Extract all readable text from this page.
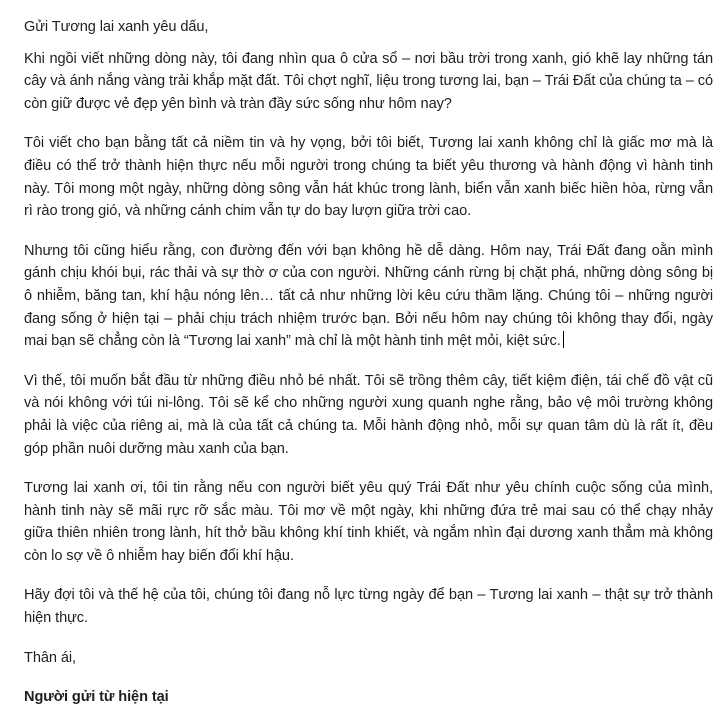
Gửi Tương lai xanh yêu dấu,

Khi ngồi viết những dòng này, tôi đang nhìn qua ô cửa sổ – nơi bầu trời trong xanh, gió khẽ lay những tán cây và ánh nắng vàng trải khắp mặt đất. Tôi chợt nghĩ, liệu trong tương lai, bạn – Trái Đất của chúng ta – có còn giữ được vẻ đẹp yên bình và tràn đầy sức sống như hôm nay?

Tôi viết cho bạn bằng tất cả niềm tin và hy vọng, bởi tôi biết, Tương lai xanh không chỉ là giấc mơ mà là điều có thể trở thành hiện thực nếu mỗi người trong chúng ta biết yêu thương và hành động vì hành tinh này. Tôi mong một ngày, những dòng sông vẫn hát khúc trong lành, biển vẫn xanh biếc hiền hòa, rừng vẫn rì rào trong gió, và những cánh chim vẫn tự do bay lượn giữa trời cao.

Nhưng tôi cũng hiểu rằng, con đường đến với bạn không hề dễ dàng. Hôm nay, Trái Đất đang oằn mình gánh chịu khói bụi, rác thải và sự thờ ơ của con người. Những cánh rừng bị chặt phá, những dòng sông bị ô nhiễm, băng tan, khí hậu nóng lên… tất cả như những lời kêu cứu thầm lặng. Chúng tôi – những người đang sống ở hiện tại – phải chịu trách nhiệm trước bạn. Bởi nếu hôm nay chúng tôi không thay đổi, ngày mai bạn sẽ chẳng còn là “Tương lai xanh” mà chỉ là một hành tinh mệt mỏi, kiệt sức.

Vì thế, tôi muốn bắt đầu từ những điều nhỏ bé nhất. Tôi sẽ trồng thêm cây, tiết kiệm điện, tái chế đồ vật cũ và nói không với túi ni-lông. Tôi sẽ kể cho những người xung quanh nghe rằng, bảo vệ môi trường không phải là việc của riêng ai, mà là của tất cả chúng ta. Mỗi hành động nhỏ, mỗi sự quan tâm dù là rất ít, đều góp phần nuôi dưỡng màu xanh của bạn.

Tương lai xanh ơi, tôi tin rằng nếu con người biết yêu quý Trái Đất như yêu chính cuộc sống của mình, hành tinh này sẽ mãi rực rỡ sắc màu. Tôi mơ về một ngày, khi những đứa trẻ mai sau có thể chạy nhảy giữa thiên nhiên trong lành, hít thở bầu không khí tinh khiết, và ngắm nhìn đại dương xanh thẳm mà không còn lo sợ về ô nhiễm hay biến đổi khí hậu.

Hãy đợi tôi và thế hệ của tôi, chúng tôi đang nỗ lực từng ngày để bạn – Tương lai xanh – thật sự trở thành hiện thực.

Thân ái,

Người gửi từ hiện tại
